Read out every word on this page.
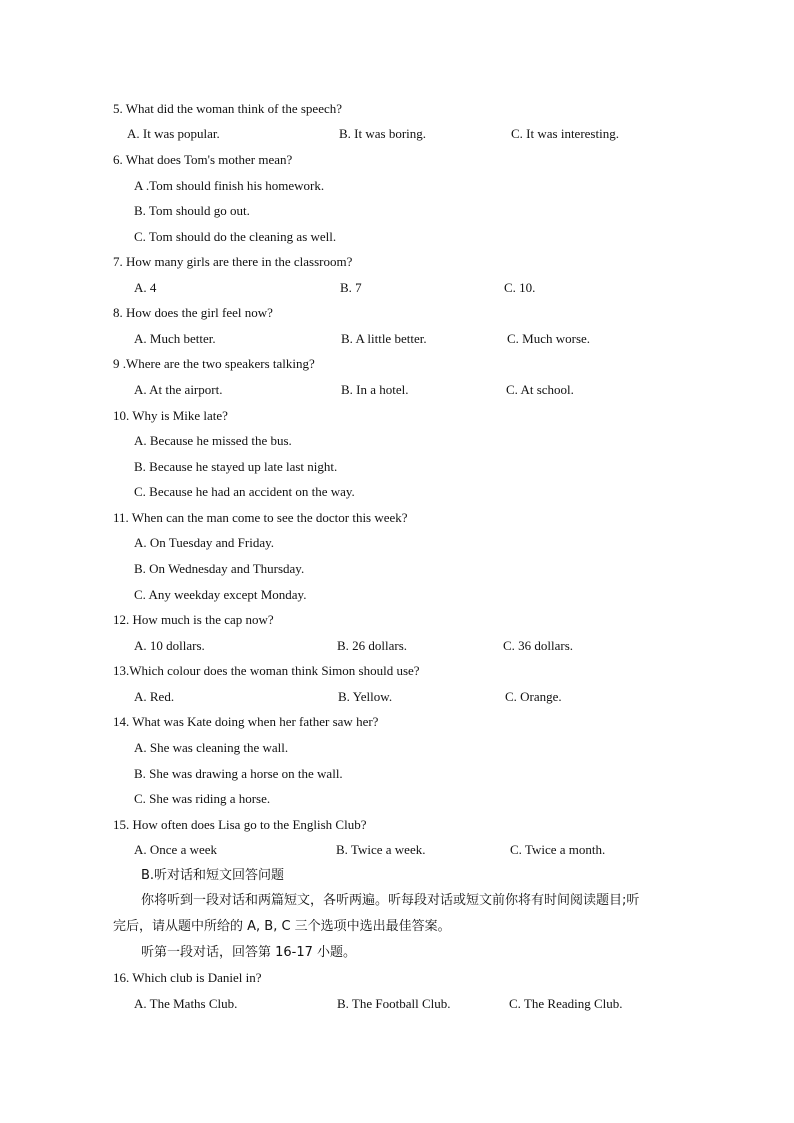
5. What did the woman think of the speech?
A. It was popular.	B. It was boring.	C. It was interesting.
6. What does Tom's mother mean?
A .Tom should finish his homework.
B. Tom should go out.
C. Tom should do the cleaning as well.
7. How many girls are there in the classroom?
A. 4	B. 7	C. 10.
8. How does the girl feel now?
A. Much better.	B. A little better.	C. Much worse.
9 .Where are the two speakers talking?
A. At the airport.	B. In a hotel.	C. At school.
10. Why is Mike late?
A. Because he missed the bus.
B. Because he stayed up late last night.
C. Because he had an accident on the way.
11. When can the man come to see the doctor this week?
A. On Tuesday and Friday.
B. On Wednesday and Thursday.
C. Any weekday except Monday.
12. How much is the cap now?
A. 10 dollars.	B. 26 dollars.	C. 36 dollars.
13.Which colour does the woman think Simon should use?
A. Red.	B. Yellow.	C. Orange.
14. What was Kate doing when her father saw her?
A. She was cleaning the wall.
B. She was drawing a horse on the wall.
C. She was riding a horse.
15. How often does Lisa go to the English Club?
A. Once a week	B. Twice a week.	C. Twice a month.
B.听对话和短文回答问题
你将听到一段对话和两篇短文，各听两遍。听每段对话或短文前你将有时间阅读题目;听
完后，请从题中所给的 A, B, C 三个选项中选出最佳答案。
听第一段对话，回答第 16-17 小题。
16. Which club is Daniel in?
A. The Maths Club.	B. The Football Club.	C. The Reading Club.
